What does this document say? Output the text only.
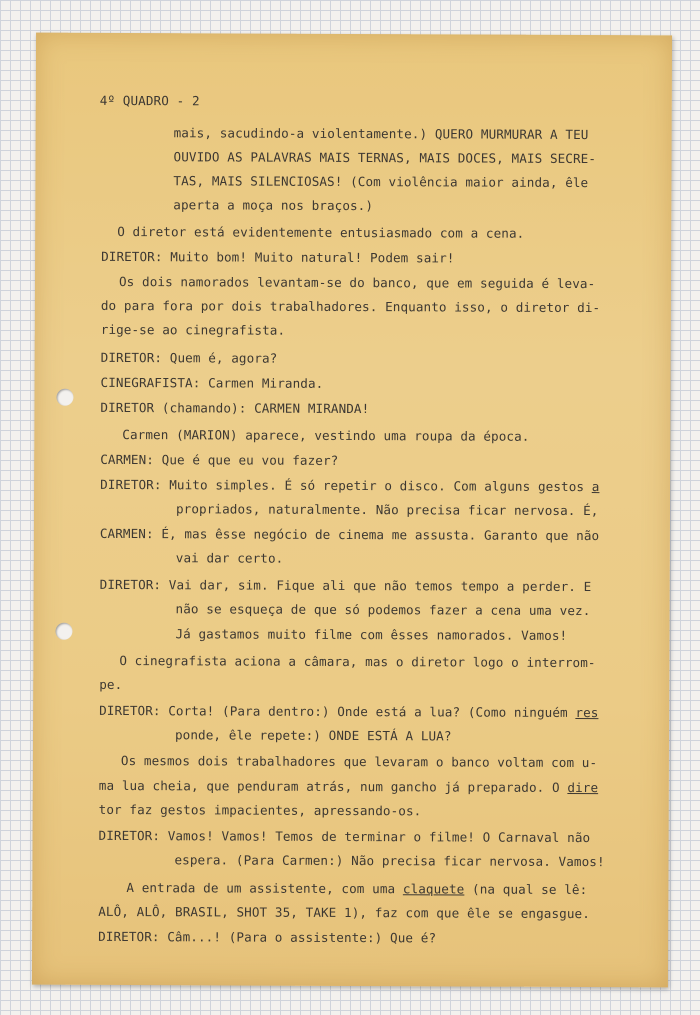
4º QUADRO - 2
mais, sacudindo-a violentamente.) QUERO MURMURAR A TEU
OUVIDO AS PALAVRAS MAIS TERNAS, MAIS DOCES, MAIS SECRE-
TAS, MAIS SILENCIOSAS! (Com violência maior ainda, êle
aperta a moça nos braços.)
O diretor está evidentemente entusiasmado com a cena.
DIRETOR: Muito bom! Muito natural! Podem sair!
Os dois namorados levantam-se do banco, que em seguida é leva-
do para fora por dois trabalhadores. Enquanto isso, o diretor di-
rige-se ao cinegrafista.
DIRETOR: Quem é, agora?
CINEGRAFISTA: Carmen Miranda.
DIRETOR (chamando): CARMEN MIRANDA!
Carmen (MARION) aparece, vestindo uma roupa da época.
CARMEN: Que é que eu vou fazer?
DIRETOR: Muito simples. É só repetir o disco. Com alguns gestos a
propriados, naturalmente. Não precisa ficar nervosa. É,
CARMEN: É, mas êsse negócio de cinema me assusta. Garanto que não
vai dar certo.
DIRETOR: Vai dar, sim. Fique ali que não temos tempo a perder. E
não se esqueça de que só podemos fazer a cena uma vez.
Já gastamos muito filme com êsses namorados. Vamos!
O cinegrafista aciona a câmara, mas o diretor logo o interrom-
pe.
DIRETOR: Corta! (Para dentro:) Onde está a lua? (Como ninguém res
ponde, êle repete:) ONDE ESTÁ A LUA?
Os mesmos dois trabalhadores que levaram o banco voltam com u-
ma lua cheia, que penduram atrás, num gancho já preparado. O dire
tor faz gestos impacientes, apressando-os.
DIRETOR: Vamos! Vamos! Temos de terminar o filme! O Carnaval não
espera. (Para Carmen:) Não precisa ficar nervosa. Vamos!
A entrada de um assistente, com uma claquete (na qual se lê:
ALÔ, ALÔ, BRASIL, SHOT 35, TAKE 1), faz com que êle se engasgue.
DIRETOR: Câm...! (Para o assistente:) Que é?
